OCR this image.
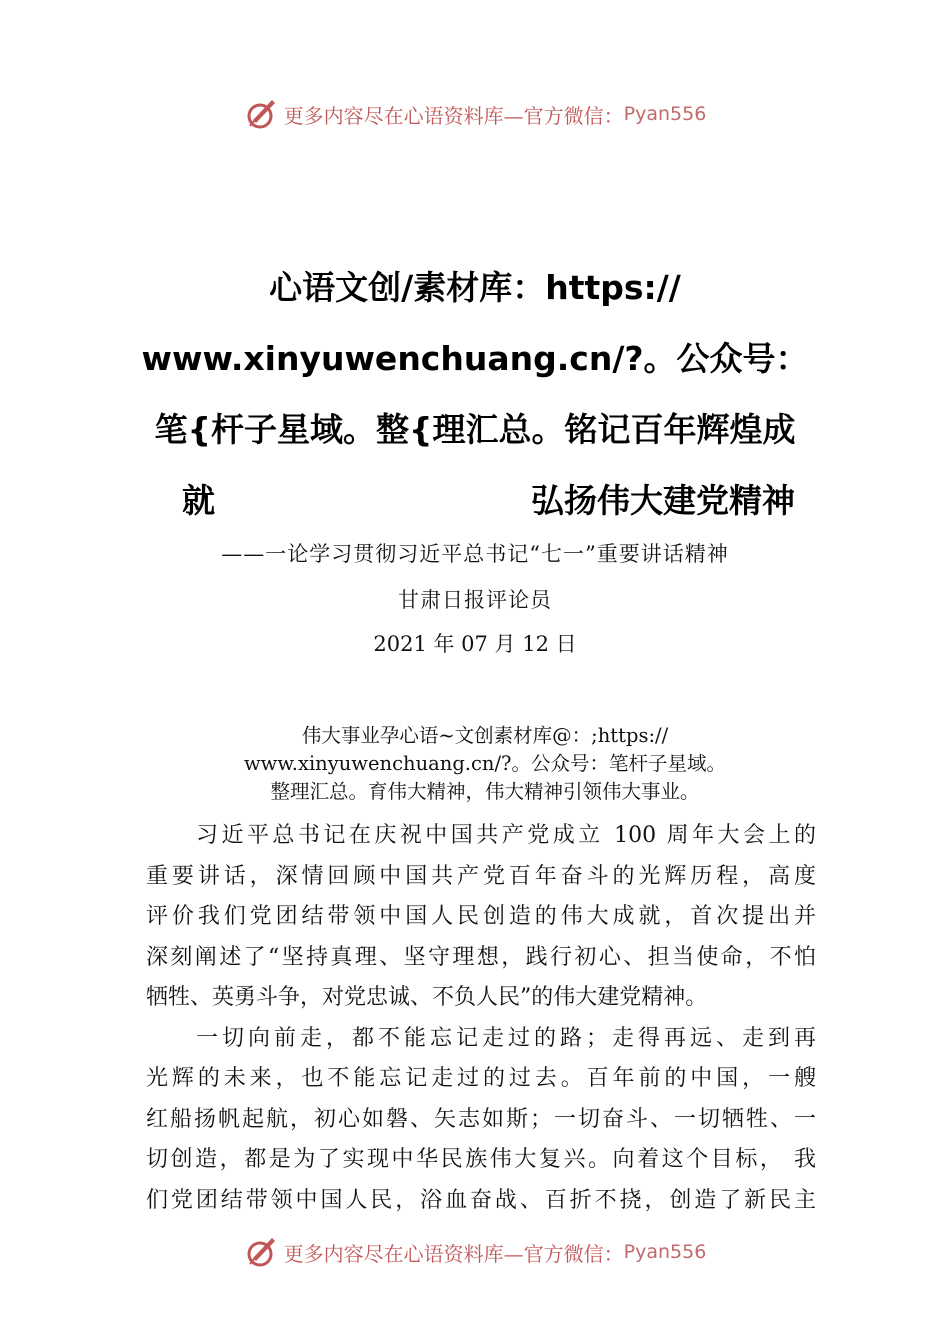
更多内容尽在心语资料库—官方微信： Pyan556
心语文创/素材库：https://
www.xinyuwenchuang.cn/?。公众号：
笔{杆子星域。整{理汇总。铭记百年辉煌成
就	弘扬伟大建党精神
——一论学习贯彻习近平总书记“七一”重要讲话精神
甘肃日报评论员
2021 年 07 月 12 日
伟大事业孕心语~文创素材库@：;https://
www.xinyuwenchuang.cn/?。公众号：笔杆子星域。
整理汇总。育伟大精神，伟大精神引领伟大事业。
习近平总书记在庆祝中国共产党成立 100 周年大会上的
重要讲话，深情回顾中国共产党百年奋斗的光辉历程，高度
评价我们党团结带领中国人民创造的伟大成就，首次提出并
深刻阐述了“坚持真理、坚守理想，践行初心、担当使命，不怕
牺牲、英勇斗争，对党忠诚、不负人民”的伟大建党精神。
一切向前走，都不能忘记走过的路；走得再远、走到再
光辉的未来，也不能忘记走过的过去。百年前的中国，一艘
红船扬帆起航，初心如磐、矢志如斯；一切奋斗、一切牺牲、一
切创造，都是为了实现中华民族伟大复兴。向着这个目标， 我
们党团结带领中国人民，浴血奋战、百折不挠，创造了新民主
更多内容尽在心语资料库—官方微信： Pyan556
